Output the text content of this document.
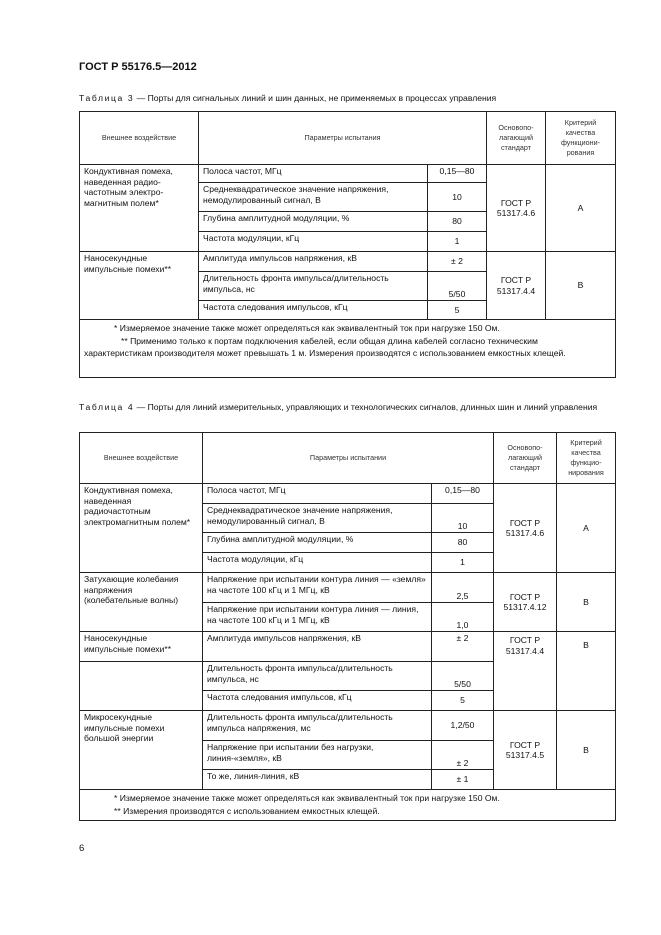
ГОСТ Р 55176.5—2012
Таблица 3 — Порты для сигнальных линий и шин данных, не применяемых в процессах управления
Внешнее воздействие	Параметры испытания		Основопо-лагающий стандарт	Критерий качества функциони-рования
Кондуктивная помеха, наведенная радио-частотным электро-магнитным полем*	Полоса частот, МГц	0,15—80	ГОСТ Р 51317.4.6	А
	Среднеквадратическое значение напряжения, немодулированный сигнал, В	10		
	Глубина амплитудной модуляции, %	80		
	Частота модуляции, кГц	1		
Наносекундные импульсные помехи**	Амплитуда импульсов напряжения, кВ	± 2	ГОСТ Р 51317.4.4	В
	Длительность фронта импульса/длительность импульса, нс	5/50		
	Частота следования импульсов, кГц	5		

* Измеряемое значение также может определяться как эквивалентный ток при нагрузке 150 Ом.
** Применимо только к портам подключения кабелей, если общая длина кабелей согласно техническим
характеристикам производителя может превышать 1 м. Измерения производятся с использованием емкостных клещей.				
Таблица 4 — Порты для линий измерительных, управляющих и технологических сигналов, длинных шин и линий управления
Внешнее воздействие	Параметры испытании		Основопо-лагающий стандарт	Критерий качества функцио-нирования
Кондуктивная помеха, наведенная радиочастотным электромагнитным полем*	Полоса частот, МГц	0,15—80	ГОСТ Р 51317.4.6	А
	Среднеквадратическое значение напряжения, немодулированный сигнал, В	10		
	Глубина амплитудной модуляции, %	80		
	Частота модуляции, кГц	1		
Затухающие колебания напряжения (колебательные волны)	Напряжение при испытании контура линия — «земля» на частоте 100 кГц и 1 МГц, кВ	2,5	ГОСТ Р 51317.4.12	В
	Напряжение при испытании контура линия — линия, на частоте 100 кГц и 1 МГц, кВ	1,0		
Наносекундные импульсные помехи**	Амплитуда импульсов напряжения, кВ	± 2	ГОСТ Р 51317.4.4	В
	Длительность фронта импульса/длительность импульса, нс	5/50		
	Частота следования импульсов, кГц	5		
Микросекундные импульсные помехи большой энергии	Длительность фронта импульса/длительность импульса напряжения, мс	1,2/50	ГОСТ Р 51317.4.5	В
	Напряжение при испытании без нагрузки, линия-«земля», кВ	± 2		
	То же, линия-линия, кВ	± 1		

* Измеряемое значение также может определяться как эквивалентный ток при нагрузке 150 Ом.
** Измерения производятся с использованием емкостных клещей.				
6
